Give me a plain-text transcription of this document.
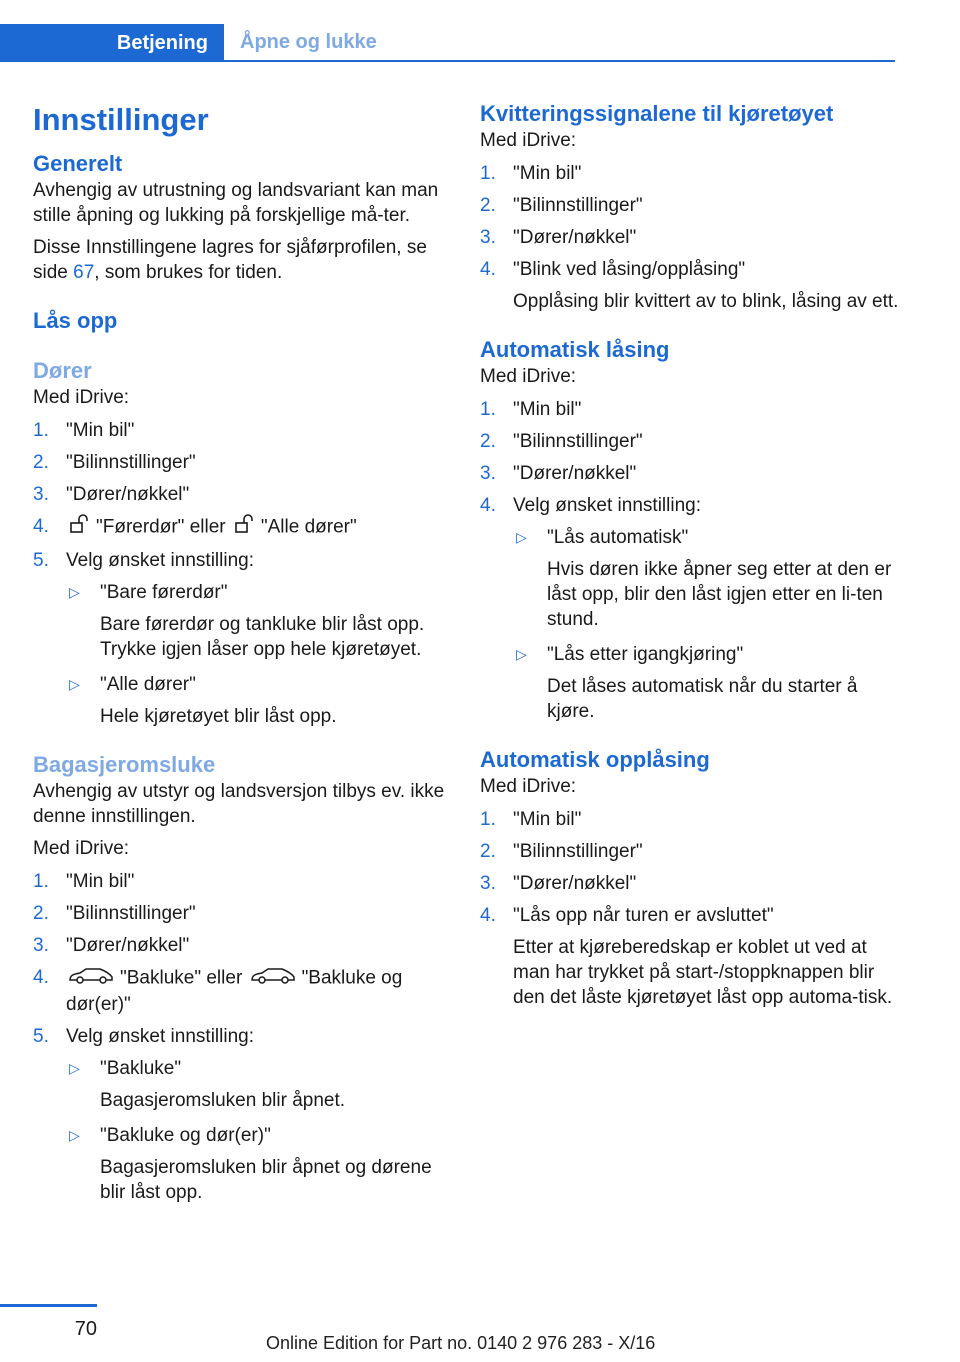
Betjening	Åpne og lukke
Innstillinger
Generelt

Avhengig av utrustning og landsvariant kan man stille åpning og lukking på forskjellige må-ter.

Disse Innstillingene lagres for sjåførprofilen, se side 67, som brukes for tiden.

Lås opp
Dører

Med iDrive:

1. "Min bil"
2. "Bilinnstillinger"
3. "Dører/nøkkel"
4. "Førerdør" eller "Alle dører"
5. Velg ønsket innstilling:
▷ "Bare førerdør"
Bare førerdør og tankluke blir låst opp. Trykke igjen låser opp hele kjøretøyet.
▷ "Alle dører"
Hele kjøretøyet blir låst opp.
Bagasjeromsluke

Avhengig av utstyr og landsversjon tilbys ev. ikke denne innstillingen.

Med iDrive:

1. "Min bil"
2. "Bilinnstillinger"
3. "Dører/nøkkel"
4.	"Bakluke" eller	"Bakluke og dør(er)"
5. Velg ønsket innstilling:
▷ "Bakluke"
Bagasjeromsluken blir åpnet.
▷ "Bakluke og dør(er)"
Bagasjeromsluken blir åpnet og dørene blir låst opp.
Kvitteringssignalene til kjøretøyet

Med iDrive:

1. "Min bil"
2. "Bilinnstillinger"
3. "Dører/nøkkel"
4. "Blink ved låsing/opplåsing"
Opplåsing blir kvittert av to blink, låsing av ett.
Automatisk låsing

Med iDrive:

1. "Min bil"
2. "Bilinnstillinger"
3. "Dører/nøkkel"
4. Velg ønsket innstilling:
▷ "Lås automatisk"
Hvis døren ikke åpner seg etter at den er låst opp, blir den låst igjen etter en li-ten stund.
▷ "Lås etter igangkjøring"
Det låses automatisk når du starter å kjøre.
Automatisk opplåsing

Med iDrive:

1. "Min bil"
2. "Bilinnstillinger"
3. "Dører/nøkkel"
4. "Lås opp når turen er avsluttet"
Etter at kjøreberedskap er koblet ut ved at man har trykket på start-/stoppknappen blir den det låste kjøretøyet låst opp automa-tisk.
70
Online Edition for Part no. 0140 2 976 283 - X/16
